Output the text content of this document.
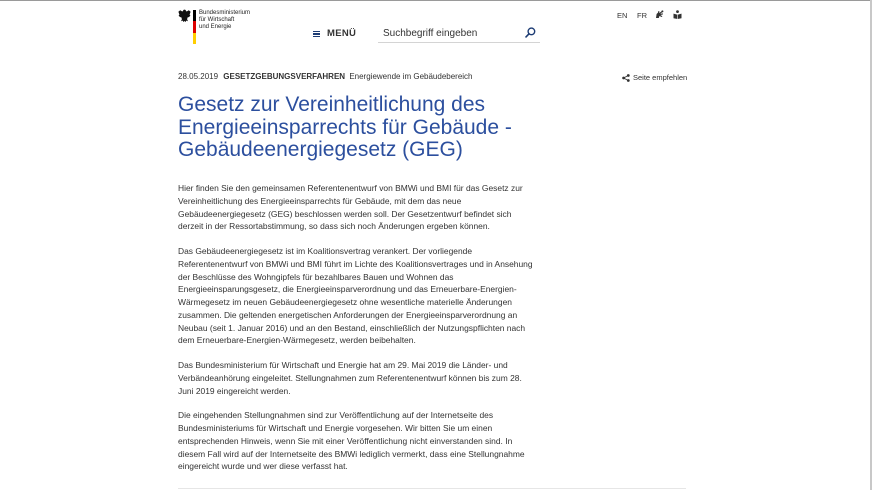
Bundesministerium
für Wirtschaft
und Energie
MENÜ
Suchbegriff eingeben
EN FR
28.05.2019 GESETZGEBUNGSVERFAHREN Energiewende im Gebäudebereich	Seite empfehlen
Gesetz zur Vereinheitlichung des Energieeinsparrechts für Gebäude - Gebäudeenergiegesetz (GEG)

Hier finden Sie den gemeinsamen Referentenentwurf von BMWi und BMI für das Gesetz zur Vereinheitlichung des Energieeinsparrechts für Gebäude, mit dem das neue Gebäudeenergiegesetz (GEG) beschlossen werden soll. Der Gesetzentwurf befindet sich derzeit in der Ressortabstimmung, so dass sich noch Änderungen ergeben können.

Das Gebäudeenergiegesetz ist im Koalitionsvertrag verankert. Der vorliegende Referentenentwurf von BMWi und BMI führt im Lichte des Koalitionsvertrages und in Ansehung der Beschlüsse des Wohngipfels für bezahlbares Bauen und Wohnen das Energieeinsparungsgesetz, die Energieeinsparverordnung und das Erneuerbare-Energien-Wärmegesetz im neuen Gebäudeenergiegesetz ohne wesentliche materielle Änderungen zusammen. Die geltenden energetischen Anforderungen der Energieeinsparverordnung an Neubau (seit 1. Januar 2016) und an den Bestand, einschließlich der Nutzungspflichten nach dem Erneuerbare-Energien-Wärmegesetz, werden beibehalten.

Das Bundesministerium für Wirtschaft und Energie hat am 29. Mai 2019 die Länder- und Verbändeanhörung eingeleitet. Stellungnahmen zum Referentenentwurf können bis zum 28. Juni 2019 eingereicht werden.

Die eingehenden Stellungnahmen sind zur Veröffentlichung auf der Internetseite des Bundesministeriums für Wirtschaft und Energie vorgesehen. Wir bitten Sie um einen entsprechenden Hinweis, wenn Sie mit einer Veröffentlichung nicht einverstanden sind. In diesem Fall wird auf der Internetseite des BMWi lediglich vermerkt, dass eine Stellungnahme eingereicht wurde und wer diese verfasst hat.
